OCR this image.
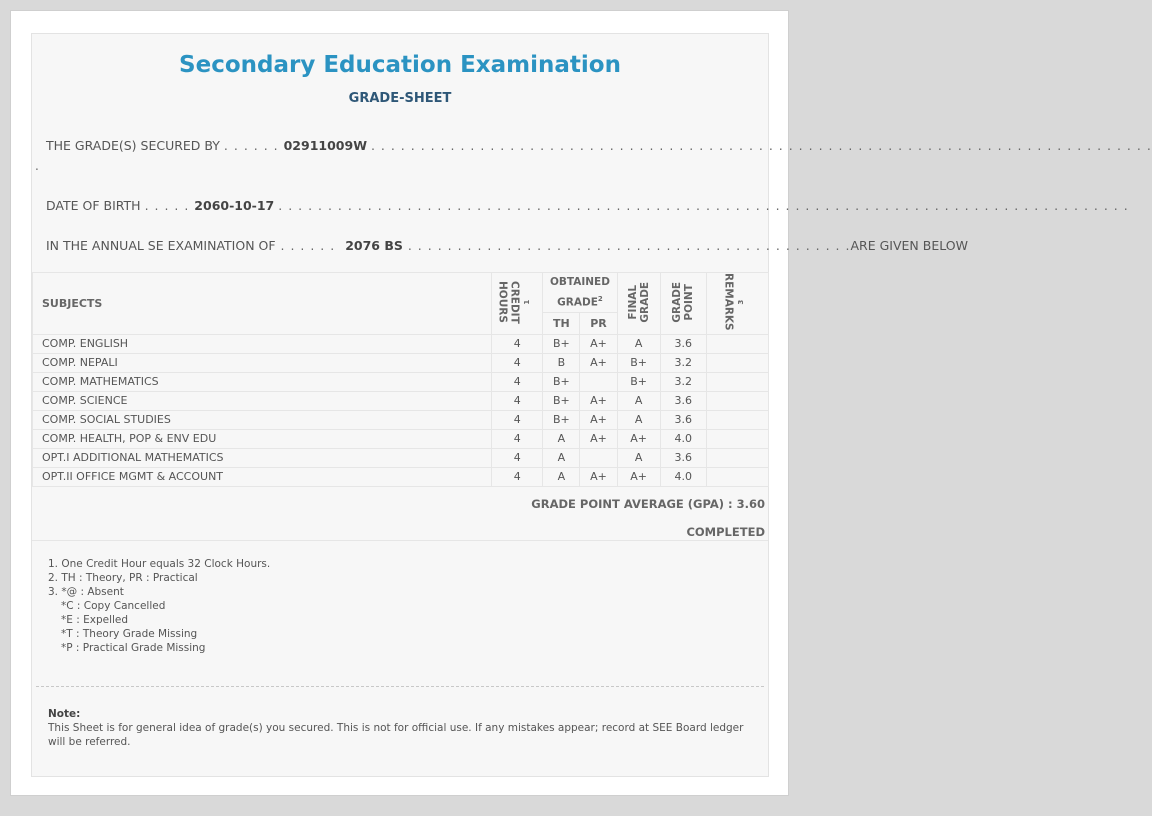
Secondary Education Examination
GRADE-SHEET
THE GRADE(S) SECURED BY . . . . . . 02911009W . . . . . . . . . . . . . . . . . . . . . . . . . . . . . . . . . . . . . . . . . . . . . . . . . . . . . . . . . . . . . . . . . . . . . . . . . . . . . . .
.
DATE OF BIRTH . . . . . 2060-10-17 . . . . . . . . . . . . . . . . . . . . . . . . . . . . . . . . . . . . . . . . . . . . . . . . . . . . . . . . . . . . . . . . . . . . . . . . . . . . . . . . . . . . . .
IN THE ANNUAL SE EXAMINATION OF . . . . . . 2076 BS . . . . . . . . . . . . . . . . . . . . . . . . . . . . . . . . . . . . . . . . . . . . . ARE GIVEN BELOW
SUBJECTS	CREDIT HOURS $^1$	OBTAINED GRADE$^2$		FINAL GRADE	GRADE POINT	REMARKS $^3$
		TH	PR			
COMP. ENGLISH	4	B+	A+	A	3.6	
COMP. NEPALI	4	B	A+	B+	3.2	
COMP. MATHEMATICS	4	B+		B+	3.2	
COMP. SCIENCE	4	B+	A+	A	3.6	
COMP. SOCIAL STUDIES	4	B+	A+	A	3.6	
COMP. HEALTH, POP & ENV EDU	4	A	A+	A+	4.0	
OPT.I ADDITIONAL MATHEMATICS	4	A		A	3.6	
OPT.II OFFICE MGMT & ACCOUNT	4	A	A+	A+	4.0	
GRADE POINT AVERAGE (GPA) : 3.60
COMPLETED
1. One Credit Hour equals 32 Clock Hours.
2. TH : Theory, PR : Practical
3. *@ : Absent
*C : Copy Cancelled
*E : Expelled
*T : Theory Grade Missing
*P : Practical Grade Missing
Note:
This Sheet is for general idea of grade(s) you secured. This is not for official use. If any mistakes appear; record at SEE Board ledger will be referred.
